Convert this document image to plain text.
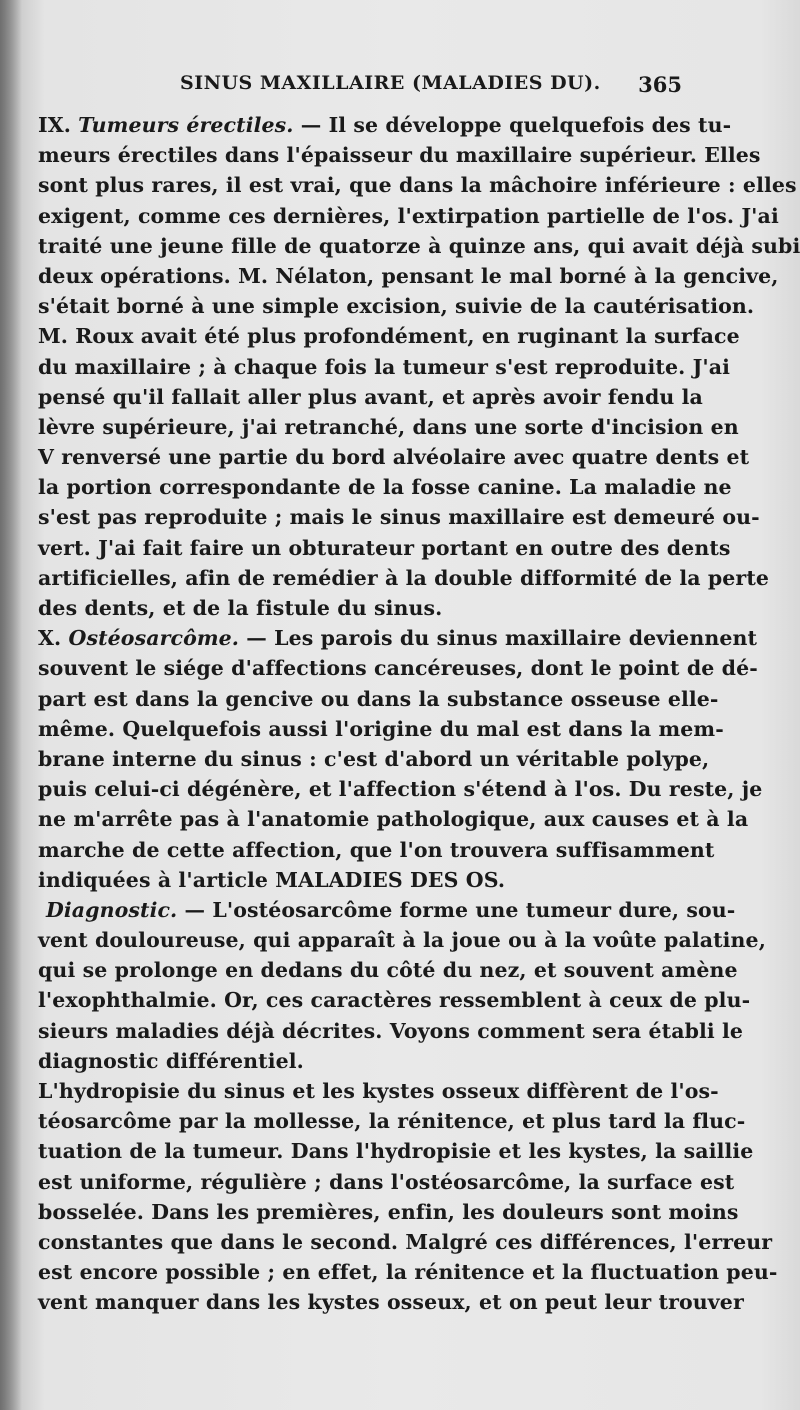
SINUS MAXILLAIRE (MALADIES DU). 365
IX. Tumeurs érectiles. — Il se développe quelquefois des tu-
meurs érectiles dans l'épaisseur du maxillaire supérieur. Elles
sont plus rares, il est vrai, que dans la mâchoire inférieure : elles
exigent, comme ces dernières, l'extirpation partielle de l'os. J'ai
traité une jeune fille de quatorze à quinze ans, qui avait déjà subi
deux opérations. M. Nélaton, pensant le mal borné à la gencive,
s'était borné à une simple excision, suivie de la cautérisation.
M. Roux avait été plus profondément, en ruginant la surface
du maxillaire ; à chaque fois la tumeur s'est reproduite. J'ai
pensé qu'il fallait aller plus avant, et après avoir fendu la
lèvre supérieure, j'ai retranché, dans une sorte d'incision en
V renversé une partie du bord alvéolaire avec quatre dents et
la portion correspondante de la fosse canine. La maladie ne
s'est pas reproduite ; mais le sinus maxillaire est demeuré ou-
vert. J'ai fait faire un obturateur portant en outre des dents
artificielles, afin de remédier à la double difformité de la perte
des dents, et de la fistule du sinus.
X. Ostéosarcôme. — Les parois du sinus maxillaire deviennent
souvent le siége d'affections cancéreuses, dont le point de dé-
part est dans la gencive ou dans la substance osseuse elle-
même. Quelquefois aussi l'origine du mal est dans la mem-
brane interne du sinus : c'est d'abord un véritable polype,
puis celui-ci dégénère, et l'affection s'étend à l'os. Du reste, je
ne m'arrête pas à l'anatomie pathologique, aux causes et à la
marche de cette affection, que l'on trouvera suffisamment
indiquées à l'article MALADIES DES OS.
Diagnostic. — L'ostéosarcôme forme une tumeur dure, sou-
vent douloureuse, qui apparaît à la joue ou à la voûte palatine,
qui se prolonge en dedans du côté du nez, et souvent amène
l'exophthalmie. Or, ces caractères ressemblent à ceux de plu-
sieurs maladies déjà décrites. Voyons comment sera établi le
diagnostic différentiel.
L'hydropisie du sinus et les kystes osseux diffèrent de l'os-
téosarcôme par la mollesse, la rénitence, et plus tard la fluc-
tuation de la tumeur. Dans l'hydropisie et les kystes, la saillie
est uniforme, régulière ; dans l'ostéosarcôme, la surface est
bosselée. Dans les premières, enfin, les douleurs sont moins
constantes que dans le second. Malgré ces différences, l'erreur
est encore possible ; en effet, la rénitence et la fluctuation peu-
vent manquer dans les kystes osseux, et on peut leur trouver
